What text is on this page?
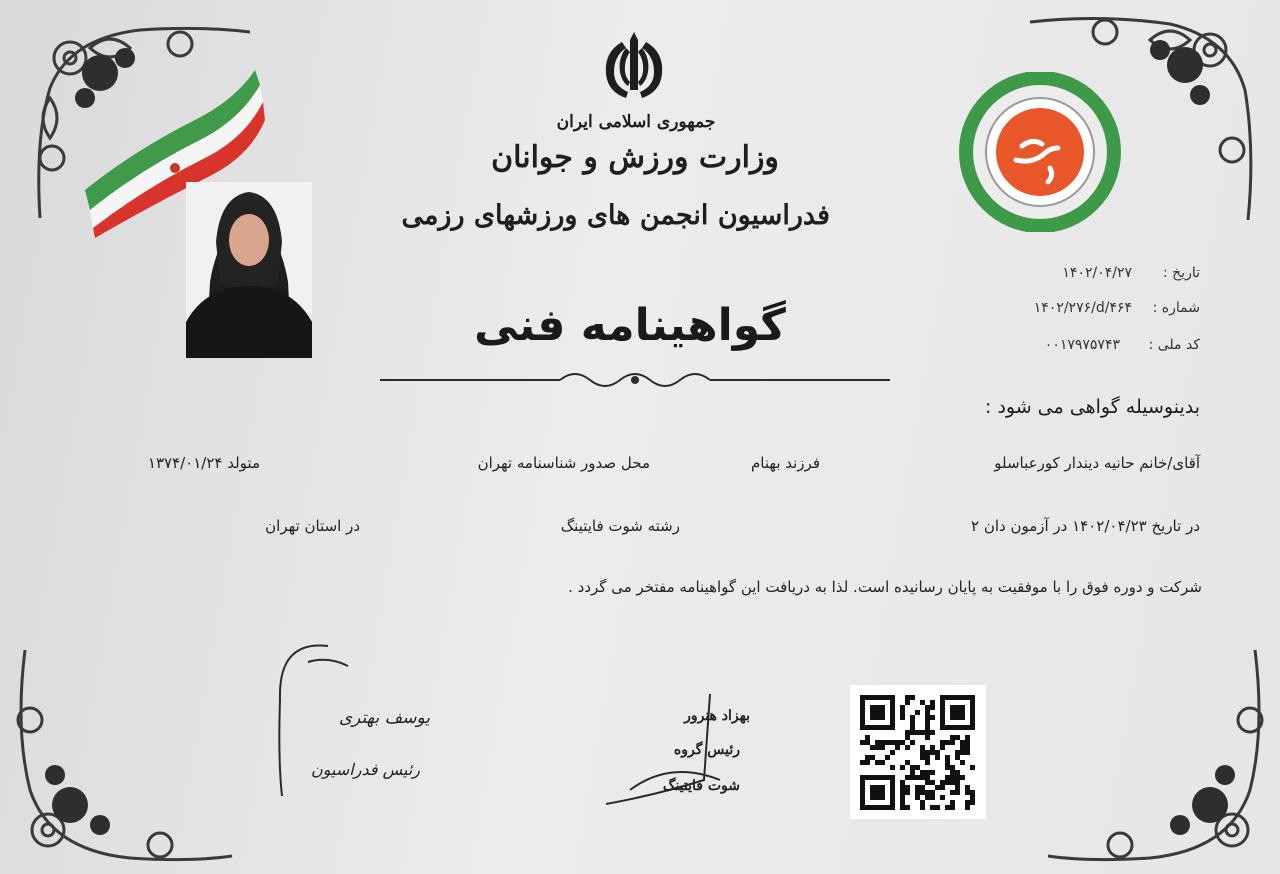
جمهوری اسلامی ایران
وزارت ورزش و جوانان
فدراسیون انجمن های ورزشهای رزمی
تاریخ :
۱۴۰۲/۰۴/۲۷
شماره :
۱۴۰۲/۲۷۶/d/۴۶۴
کد ملی :
۰۰۱۷۹۷۵۷۴۳
گواهینامه فنی
بدینوسیله گواهی می شود :
آقای/خانم حانیه دیندار کورعباسلو
فرزند بهنام
محل صدور شناسنامه تهران
متولد ۱۳۷۴/۰۱/۲۴
در تاریخ ۱۴۰۲/۰۴/۲۳ در آزمون دان ۲
رشته شوت فایتینگ
در استان تهران
شرکت و دوره فوق را با موفقیت به پایان رسانیده است. لذا به دریافت این گواهینامه مفتخر می گردد .
یوسف بهتری
رئیس فدراسیون
بهزاد هنرور
رئیس گروه
شوت فایتینگ
